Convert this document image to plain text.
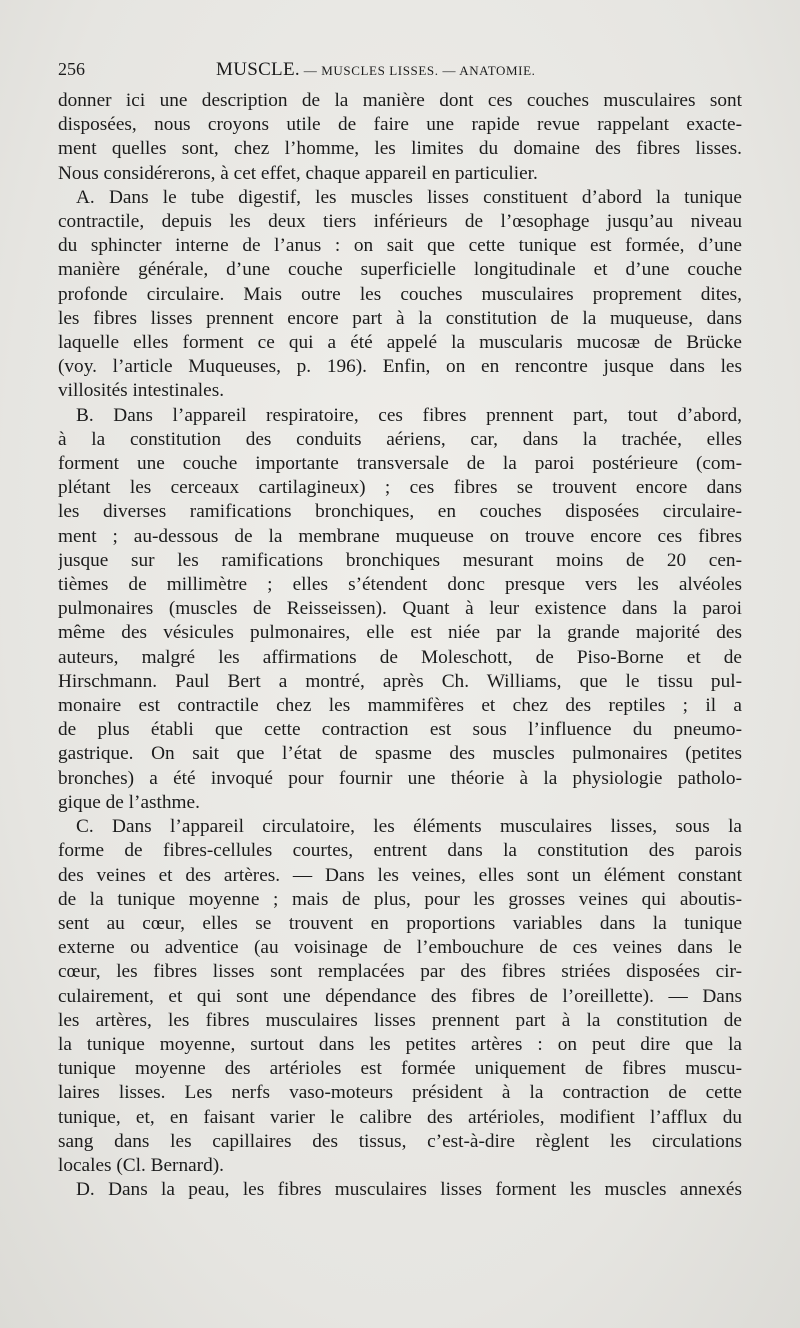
256	MUSCLE. — MUSCLES LISSES. — ANATOMIE.
donner ici une description de la manière dont ces couches musculaires sont
disposées, nous croyons utile de faire une rapide revue rappelant exacte-
ment quelles sont, chez l’homme, les limites du domaine des fibres lisses.
Nous considérerons, à cet effet, chaque appareil en particulier.
A. Dans le tube digestif, les muscles lisses constituent d’abord la tunique
contractile, depuis les deux tiers inférieurs de l’œsophage jusqu’au niveau
du sphincter interne de l’anus : on sait que cette tunique est formée, d’une
manière générale, d’une couche superficielle longitudinale et d’une couche
profonde circulaire. Mais outre les couches musculaires proprement dites,
les fibres lisses prennent encore part à la constitution de la muqueuse, dans
laquelle elles forment ce qui a été appelé la muscularis mucosæ de Brücke
(voy. l’article Muqueuses, p. 196). Enfin, on en rencontre jusque dans les
villosités intestinales.
B. Dans l’appareil respiratoire, ces fibres prennent part, tout d’abord,
à la constitution des conduits aériens, car, dans la trachée, elles
forment une couche importante transversale de la paroi postérieure (com-
plétant les cerceaux cartilagineux) ; ces fibres se trouvent encore dans
les diverses ramifications bronchiques, en couches disposées circulaire-
ment ; au-dessous de la membrane muqueuse on trouve encore ces fibres
jusque sur les ramifications bronchiques mesurant moins de 20 cen-
tièmes de millimètre ; elles s’étendent donc presque vers les alvéoles
pulmonaires (muscles de Reisseissen). Quant à leur existence dans la paroi
même des vésicules pulmonaires, elle est niée par la grande majorité des
auteurs, malgré les affirmations de Moleschott, de Piso-Borne et de
Hirschmann. Paul Bert a montré, après Ch. Williams, que le tissu pul-
monaire est contractile chez les mammifères et chez des reptiles ; il a
de plus établi que cette contraction est sous l’influence du pneumo-
gastrique. On sait que l’état de spasme des muscles pulmonaires (petites
bronches) a été invoqué pour fournir une théorie à la physiologie patholo-
gique de l’asthme.
C. Dans l’appareil circulatoire, les éléments musculaires lisses, sous la
forme de fibres-cellules courtes, entrent dans la constitution des parois
des veines et des artères. — Dans les veines, elles sont un élément constant
de la tunique moyenne ; mais de plus, pour les grosses veines qui aboutis-
sent au cœur, elles se trouvent en proportions variables dans la tunique
externe ou adventice (au voisinage de l’embouchure de ces veines dans le
cœur, les fibres lisses sont remplacées par des fibres striées disposées cir-
culairement, et qui sont une dépendance des fibres de l’oreillette). — Dans
les artères, les fibres musculaires lisses prennent part à la constitution de
la tunique moyenne, surtout dans les petites artères : on peut dire que la
tunique moyenne des artérioles est formée uniquement de fibres muscu-
laires lisses. Les nerfs vaso-moteurs président à la contraction de cette
tunique, et, en faisant varier le calibre des artérioles, modifient l’afflux du
sang dans les capillaires des tissus, c’est-à-dire règlent les circulations
locales (Cl. Bernard).
D. Dans la peau, les fibres musculaires lisses forment les muscles annexés
